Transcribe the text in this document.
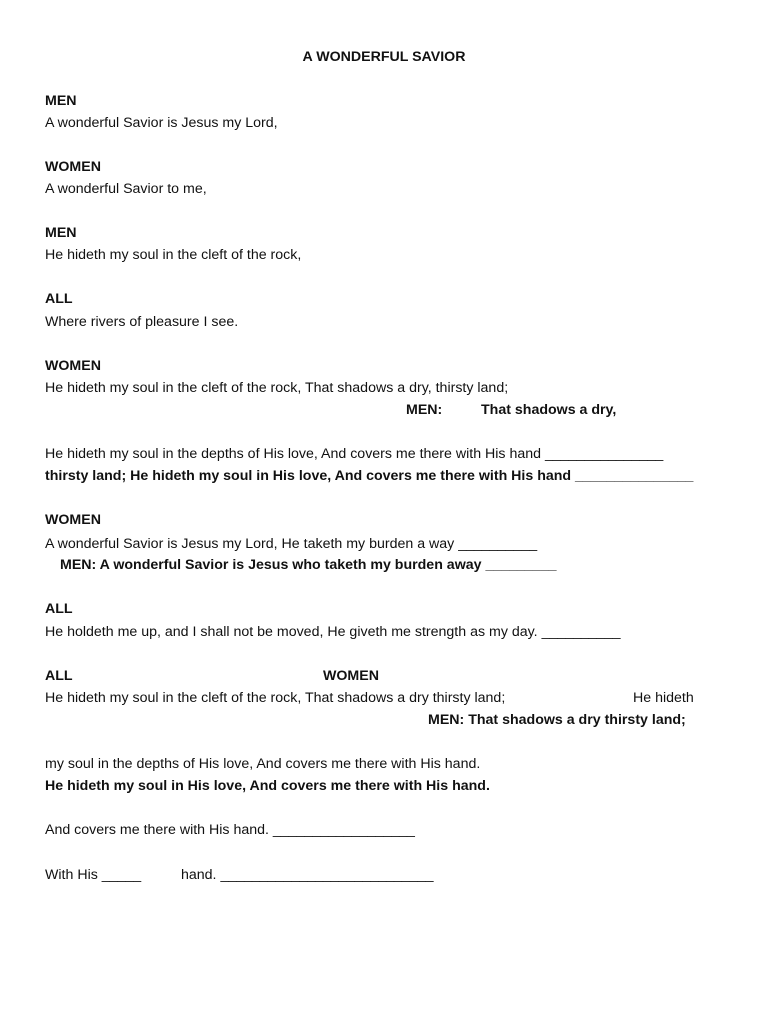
A WONDERFUL SAVIOR
MEN
A wonderful Savior is Jesus my Lord,
WOMEN
A wonderful Savior to me,
MEN
He hideth my soul in the cleft of the rock,
ALL
Where rivers of pleasure I see.
WOMEN
He hideth my soul in the cleft of the rock, That shadows a dry, thirsty land;
MEN:	That shadows a dry,
He hideth my soul in the depths of His love, And covers me there with His hand _______________
thirsty land; He hideth my soul in His love, And covers me there with His hand _______________
WOMEN
A wonderful Savior is Jesus my Lord, He taketh my burden a way __________
MEN: A wonderful Savior is Jesus who taketh my burden away _________
ALL
He holdeth me up, and I shall not be moved, He giveth me strength as my day. __________
ALL	WOMEN
He hideth my soul in the cleft of the rock, That shadows a dry thirsty land;	He hideth
MEN: That shadows a dry thirsty land;
my soul in the depths of His love, And covers me there with His hand.
He hideth my soul in His love, And covers me there with His hand.
And covers me there with His hand. __________________
With His _____	hand. ___________________________
